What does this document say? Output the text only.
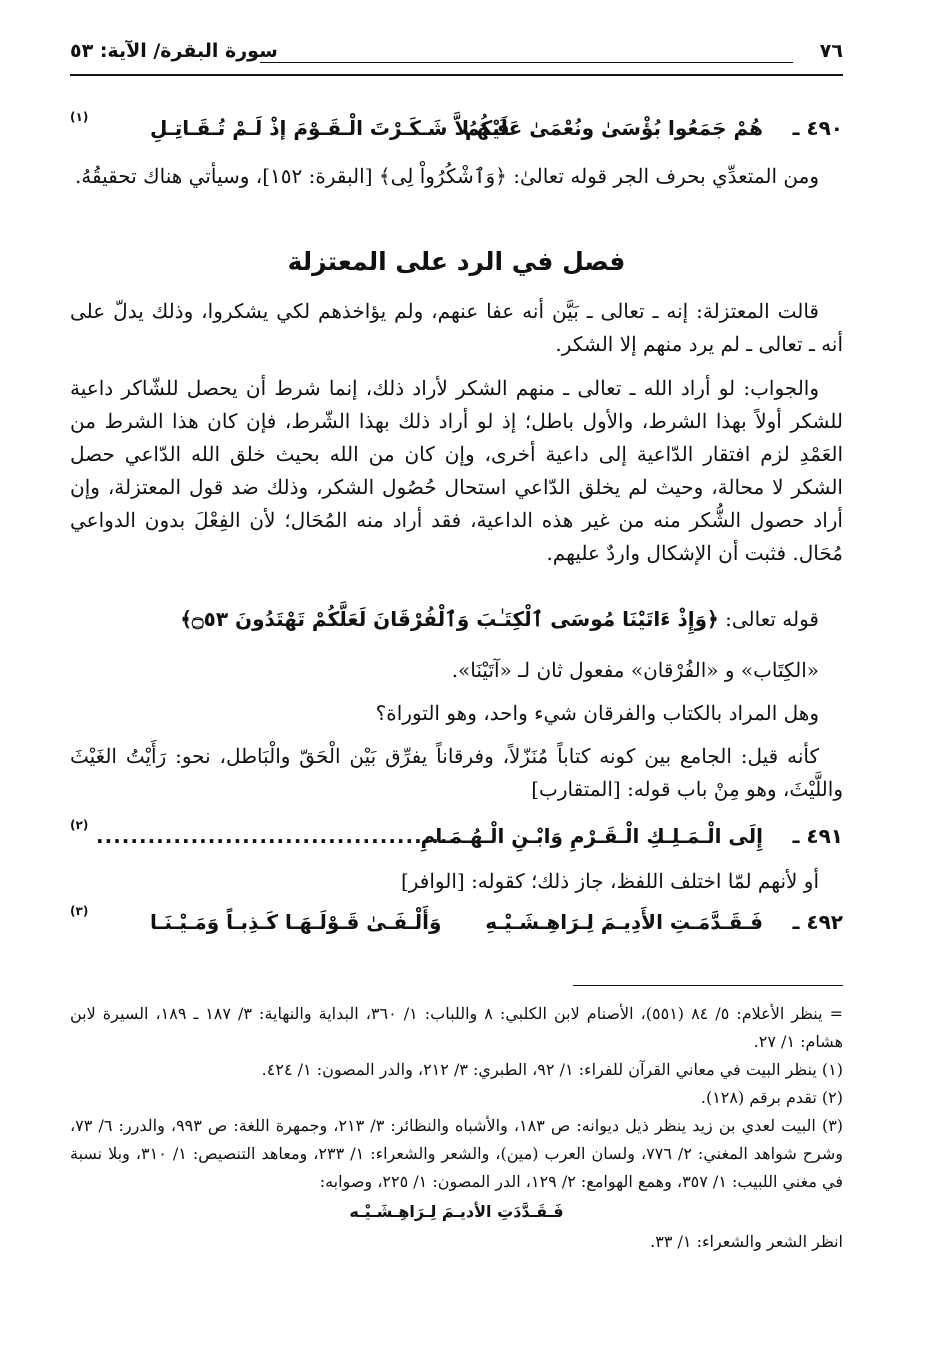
٧٦
سورة البقرة/ الآية: ٥٣
٤٩٠ ـ
هُمْ جَمَعُوا بُؤْسَىٰ ونُعْمَىٰ عَلَيْكُمُ
فَـهَـلاَّ شَـكَـرْتَ الْـقَـوْمَ إذْ لَـمْ تُـقَـاتِـلِ
(١)

ومن المتعدِّي بحرف الجر قوله تعالىٰ: ﴿وَٱشْكُرُواْ لِى﴾ [البقرة: ١٥٢]، وسيأتي هناك تحقيقُهُ.

فصل في الرد على المعتزلة

قالت المعتزلة: إنه ـ تعالى ـ بَيَّن أنه عفا عنهم، ولم يؤاخذهم لكي يشكروا، وذلك يدلّ على أنه ـ تعالى ـ لم يرد منهم إلا الشكر.

والجواب: لو أراد الله ـ تعالى ـ منهم الشكر لأراد ذلك، إنما شرط أن يحصل للشّاكر داعية للشكر أولاً بهذا الشرط، والأول باطل؛ إذ لو أراد ذلك بهذا الشّرط، فإن كان هذا الشرط من العَمْدِ لزم افتقار الدّاعية إلى داعية أخرى، وإن كان من الله بحيث خلق الله الدّاعي حصل الشكر لا محالة، وحيث لم يخلق الدّاعي استحال حُصُول الشكر، وذلك ضد قول المعتزلة، وإن أراد حصول الشُّكر منه من غير هذه الداعية، فقد أراد منه المُحَال؛ لأن الفِعْلَ بدون الدواعي مُحَال. فثبت أن الإشكال واردٌ عليهم.

قوله تعالى: ﴿وَإِذْ ءَاتَيْنَا مُوسَى ٱلْكِتَـٰبَ وَٱلْفُرْقَانَ لَعَلَّكُمْ تَهْتَدُونَ ۝٥٣﴾

«الكِتَاب» و «الفُرْقان» مفعول ثان لـ «آتَيْنَا».

وهل المراد بالكتاب والفرقان شيء واحد، وهو التوراة؟

كأنه قيل: الجامع بين كونه كتاباً مُنَزّلاً، وفرقاناً يفرِّق بَيْن الْحَقّ والْبَاطل، نحو: رَأَيْتُ الغَيْثَ واللَّيْثَ، وهو مِنْ باب قوله: [المتقارب]

٤٩١ ـ
إِلَى الْـمَـلِـكِ الْـقَـرْمِ وَابْـنِ الْـهُـمَـامِ
..........................................
(٢)

أو لأنهم لمّا اختلف اللفظ، جاز ذلك؛ كقوله: [الوافر]

٤٩٢ ـ
فَـقَـدَّمَـتِ الأَدِيـمَ لِـرَاهِـشَـيْـهِ
وَأَلْـفَـىٰ قَـوْلَـهَـا كَـذِبـاً وَمَـيْـنَـا
(٣)

= ينظر الأعلام: ٥/ ٨٤ (٥٥١)، الأصنام لابن الكلبي: ٨ واللباب: ١/ ٣٦٠، البداية والنهاية: ٣/ ١٨٧ ـ ١٨٩، السيرة لابن هشام: ١/ ٢٧.

(١) ينظر البيت في معاني القرآن للفراء: ١/ ٩٢، الطبري: ٣/ ٢١٢، والدر المصون: ١/ ٤٢٤.

(٢) تقدم برقم (١٢٨).

(٣) البيت لعدي بن زيد ينظر ذيل ديوانه: ص ١٨٣، والأشباه والنظائر: ٣/ ٢١٣، وجمهرة اللغة: ص ٩٩٣، والدرر: ٦/ ٧٣، وشرح شواهد المغني: ٢/ ٧٧٦، ولسان العرب (مين)، والشعر والشعراء: ١/ ٢٣٣، ومعاهد التنصيص: ١/ ٣١٠، وبلا نسبة في مغني اللبيب: ١/ ٣٥٧، وهمع الهوامع: ٢/ ١٢٩، الدر المصون: ١/ ٢٢٥، وصوابه:

فَـقَـدَّدَتِ الأديـمَ لِـرَاهِـشَـيْـه

انظر الشعر والشعراء: ١/ ٣٣.
